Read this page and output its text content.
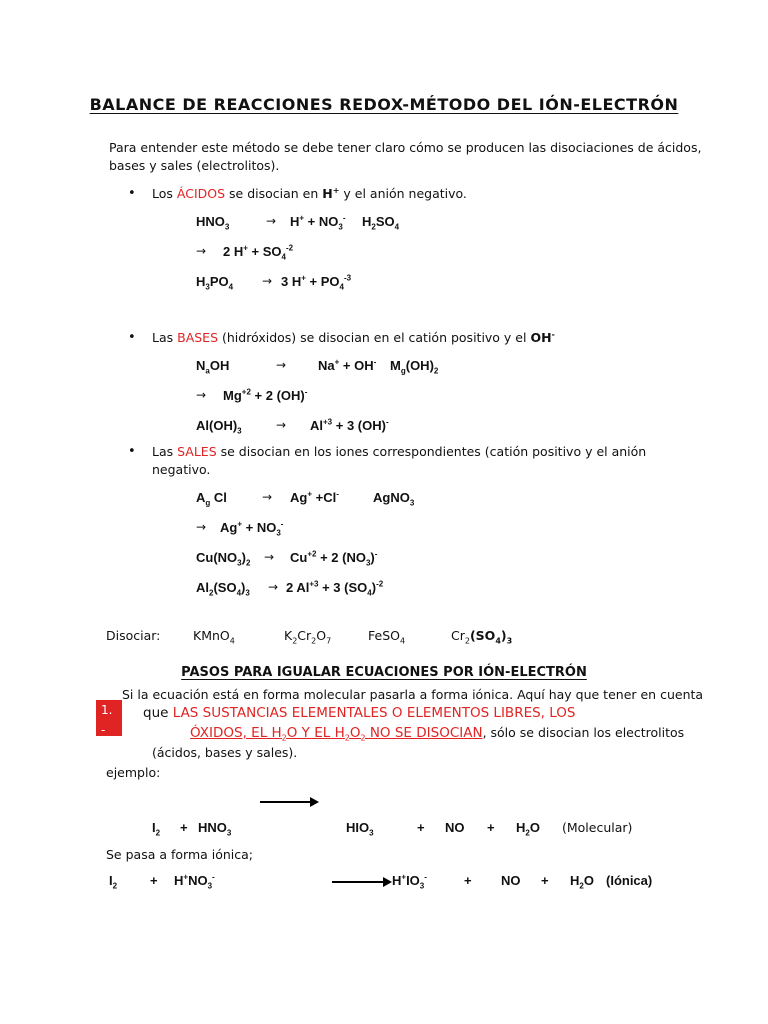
BALANCE DE REACCIONES REDOX-MÉTODO DEL IÓN-ELECTRÓN
Para entender este método se debe tener claro cómo se producen las disociaciones de ácidos,
bases y sales (electrolitos).
• Los ÁCIDOS se disocian en H+ y el anión negativo.
$HNO_3$	→ $H^+ + NO_3^-$ $H_2SO_4$
→ 2 $H^+ + SO_4^{-2}$
$H_3PO_4 \to 3$ $H^+ + PO_4^{-3}$
• Las BASES (hidróxidos) se disocian en el catión positivo y el OH-
$N_aOH$	→ Na+ + OH- $M_g(OH)_2$
→ $Mg^{+2} + 2$ (OH)-
$Al(OH)_3$	→ $Al^{+3} + 3$ (OH)-
• Las SALES se disocian en los iones correspondientes (catión positivo y el anión
negativo.
$A_g$ Cl	→ Ag+ +Cl-	AgNO$_3$
→ $Ag^+ + NO_3^-$
$Cu(NO_3)_2 \to Cu^{+2} + 2$ $(NO_3)^-$
$Al_2(SO_4)_3 \to 2$ $Al^{+3} + 3$ $(SO_4)^{-2}$
Disociar:	KMnO$_4$	$K_2Cr_2O_7$	FeSO$_4$	$Cr_2(SO_4)_3$
PASOS PARA IGUALAR ECUACIONES POR IÓN-ELECTRÓN
1.
-
Si la ecuación está en forma molecular pasarla a forma iónica. Aquí hay que tener en cuenta
que LAS SUSTANCIAS ELEMENTALES O ELEMENTOS LIBRES, LOS
ÓXIDOS, EL $H_2O$ Y EL $H_2O_2$ NO SE DISOCIAN, sólo se disocian los electrolitos
(ácidos, bases y sales).
ejemplo:
$I_2 + HNO_3$	$HIO_3$	+ NO + $H_2O$ (Molecular)
Se pasa a forma iónica;
$I_2$	+ $H^+NO_3^-$	$H^+IO_3^-$	+ NO + $H_2O$ (Iónica)
